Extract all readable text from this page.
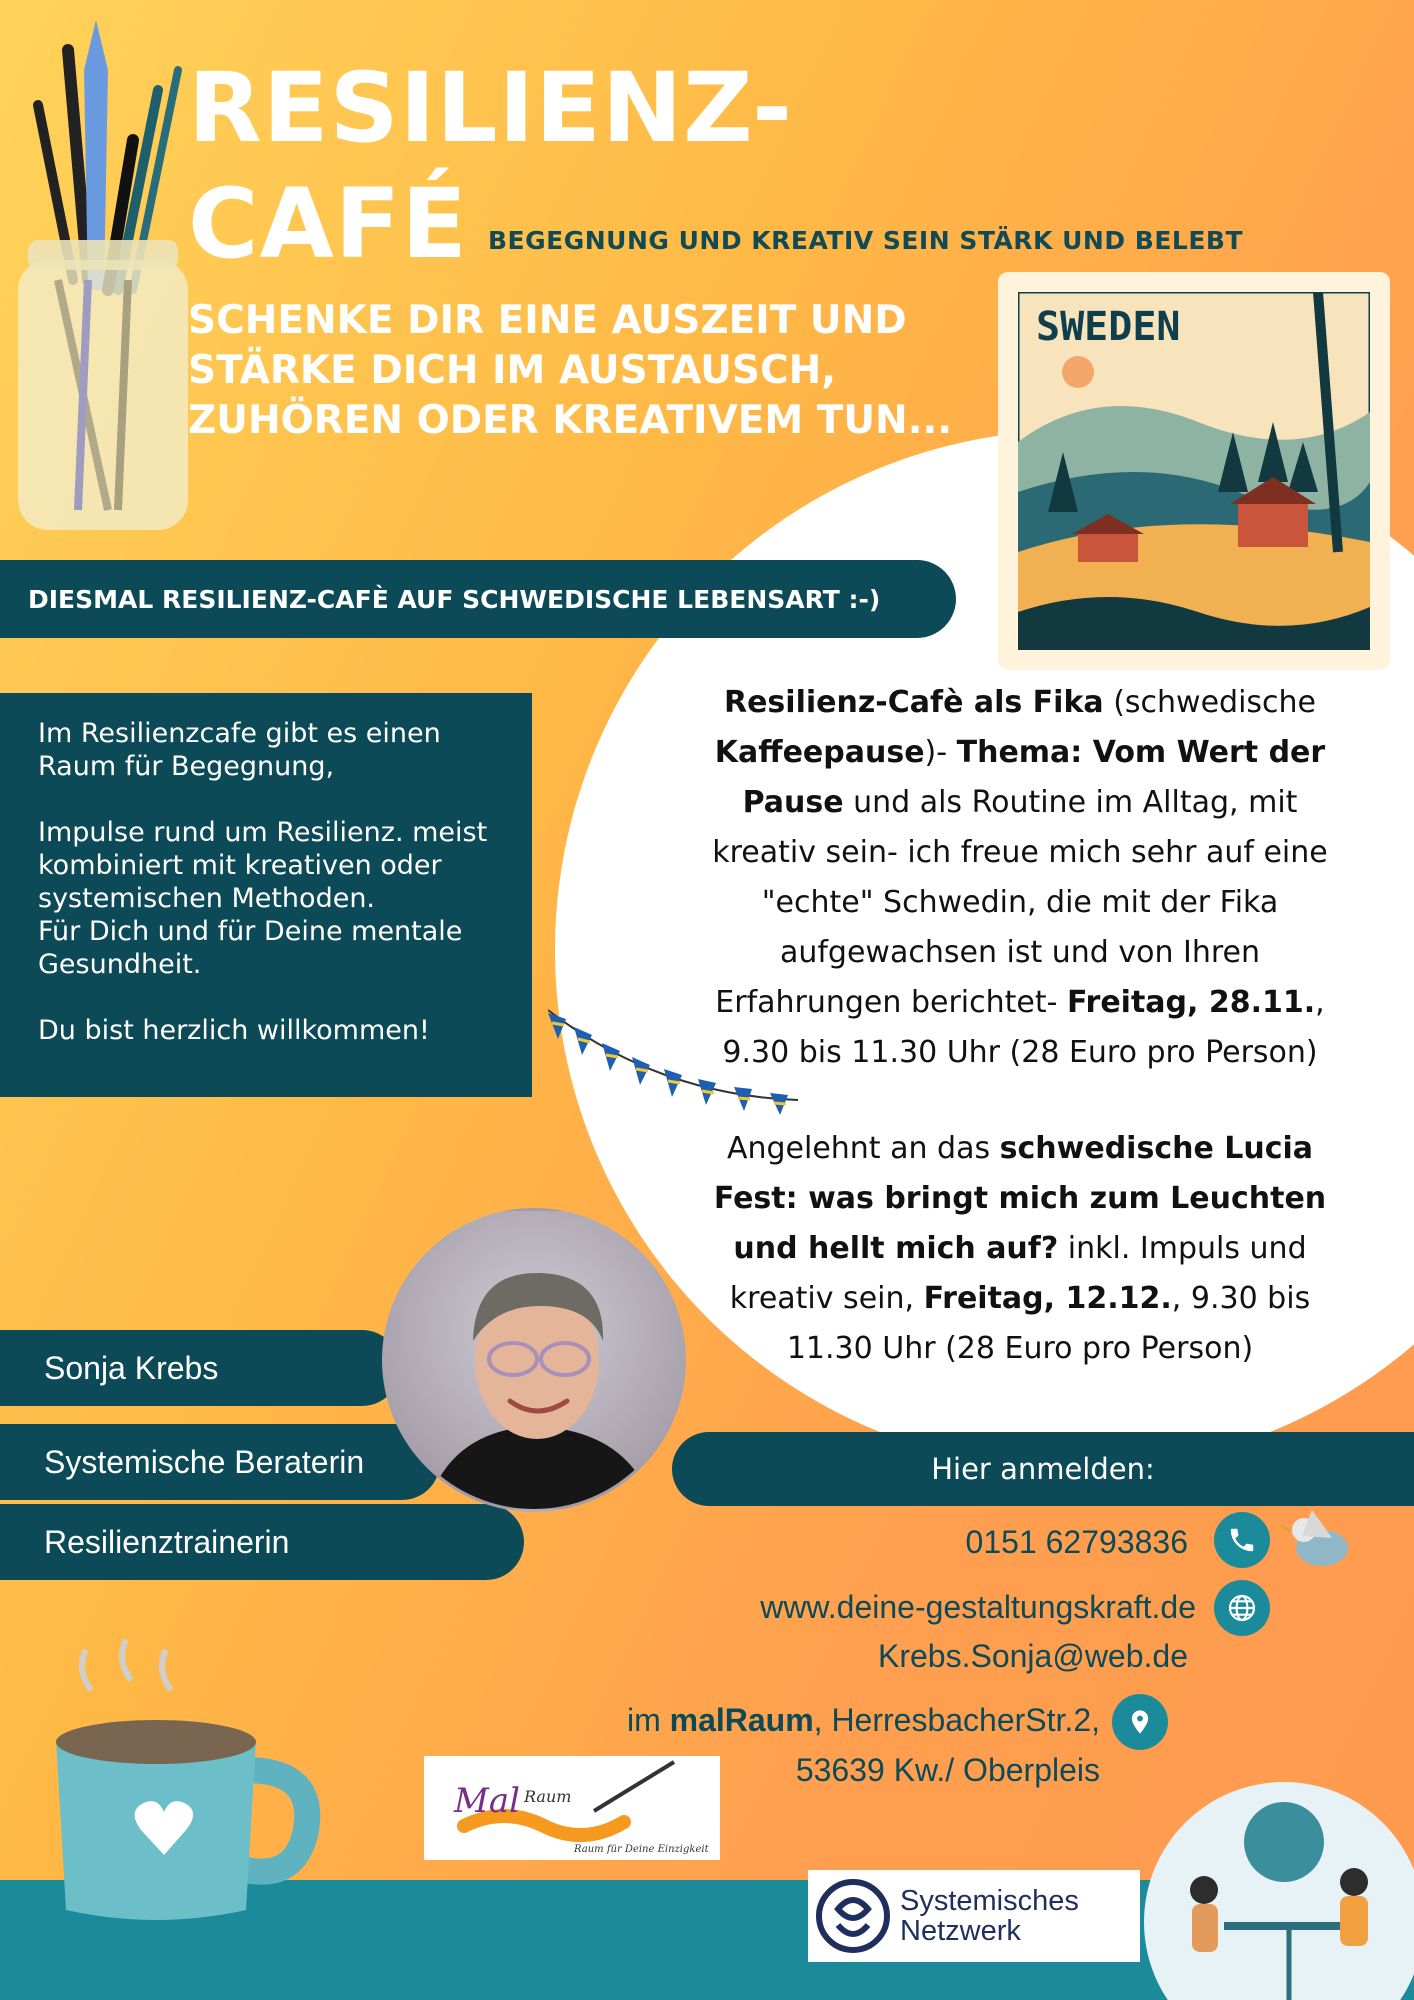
RESILIENZ-
CAFÉ BEGEGNUNG UND KREATIV SEIN STÄRK UND BELEBT
SCHENKE DIR EINE AUSZEIT UND STÄRKE DICH IM AUSTAUSCH, ZUHÖREN ODER KREATIVEM TUN...
SWEDEN
DIESMAL RESILIENZ-CAFÈ AUF SCHWEDISCHE LEBENSART :-)

Im Resilienzcafe gibt es einen Raum für Begegnung,

Impulse rund um Resilienz. meist kombiniert mit kreativen oder systemischen Methoden.

Für Dich und für Deine mentale Gesundheit.

Du bist herzlich willkommen!

Resilienz-Cafè als Fika (schwedische Kaffeepause)- Thema: Vom Wert der Pause und als Routine im Alltag, mit kreativ sein- ich freue mich sehr auf eine "echte" Schwedin, die mit der Fika aufgewachsen ist und von Ihren Erfahrungen berichtet- Freitag, 28.11., 9.30 bis 11.30 Uhr (28 Euro pro Person)
Angelehnt an das schwedische Lucia Fest: was bringt mich zum Leuchten und hellt mich auf? inkl. Impuls und kreativ sein, Freitag, 12.12., 9.30 bis 11.30 Uhr (28 Euro pro Person)
Sonja Krebs
Systemische Beraterin
Resilienztrainerin
Hier anmelden:
0151 62793836
www.deine-gestaltungskraft.de
Krebs.Sonja@web.de
im malRaum, HerresbacherStr.2,
53639 Kw./ Oberpleis
Mal Raum
Raum für Deine Einzigkeit
Systemisches
Netzwerk
